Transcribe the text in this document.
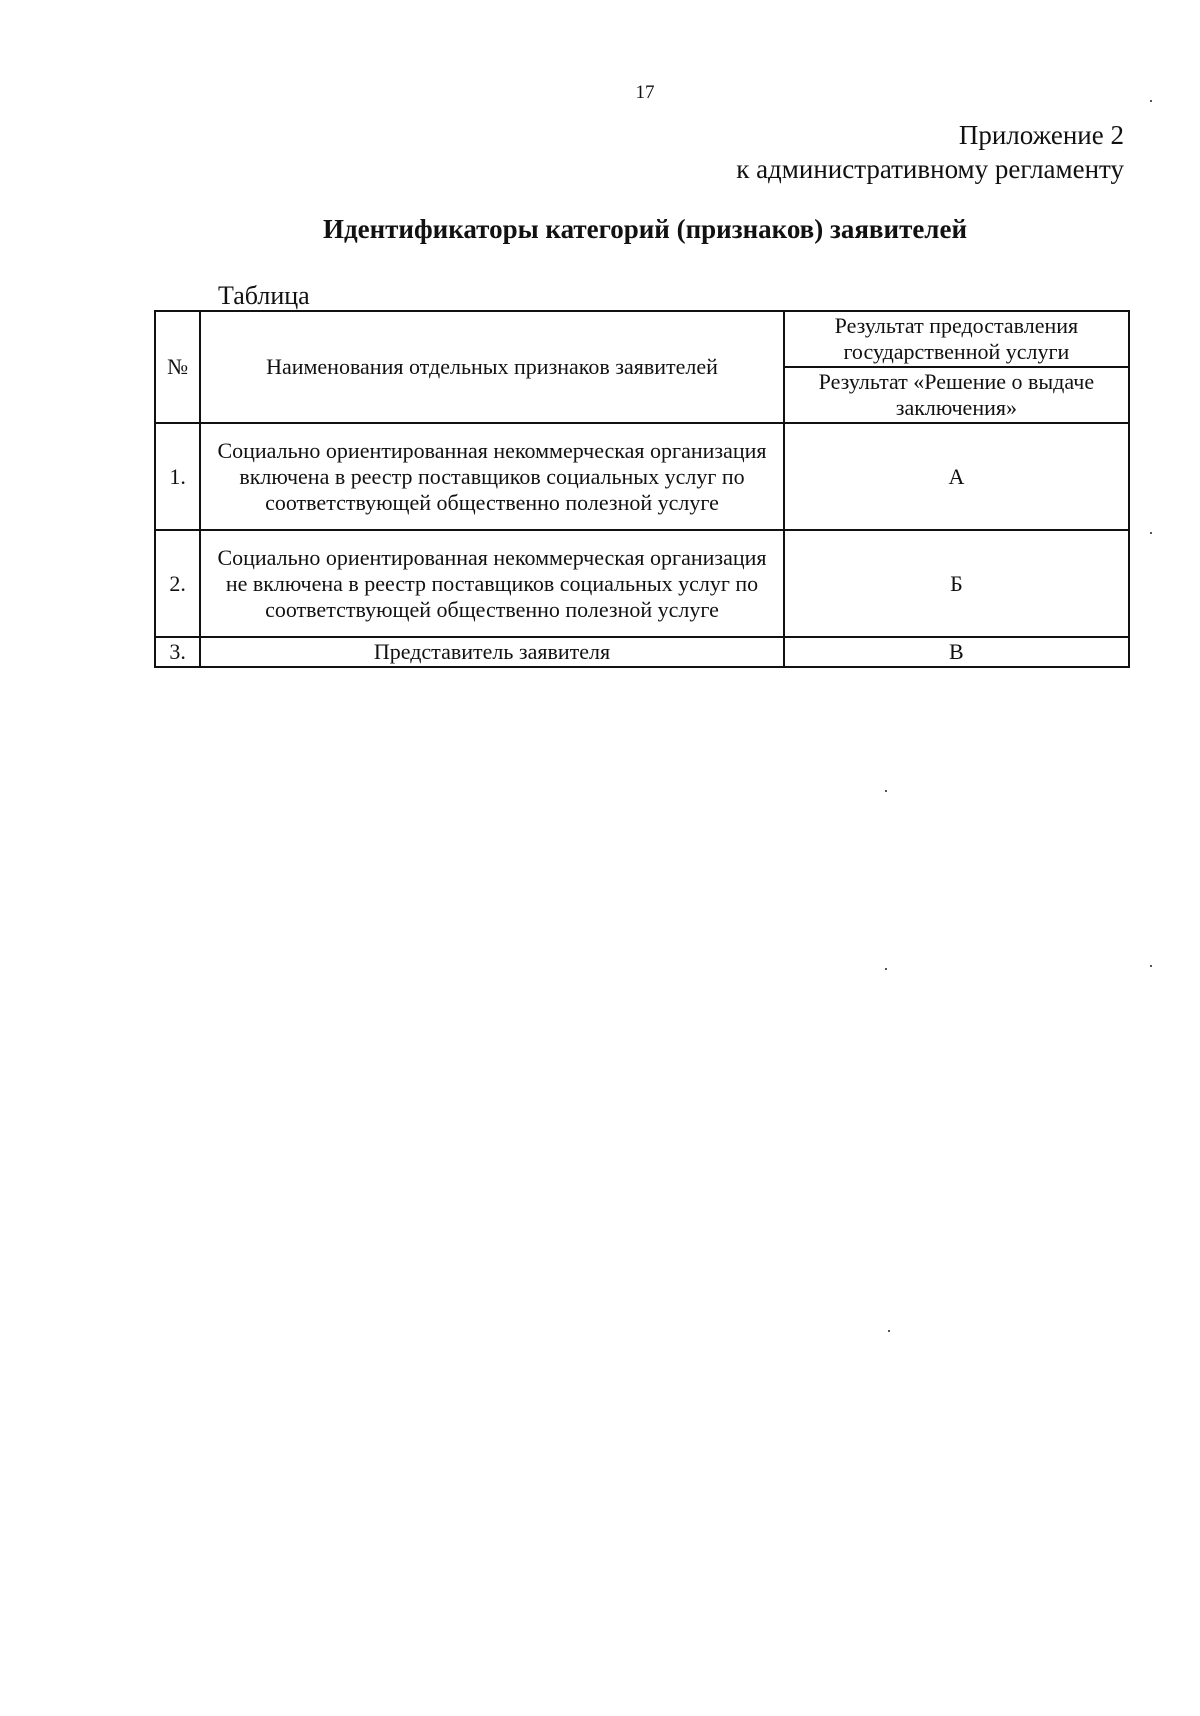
17
Приложение 2
к административному регламенту
Идентификаторы категорий (признаков) заявителей
Таблица
№	Наименования отдельных признаков заявителей	Результат предоставления государственной услуги
		Результат «Решение о выдаче заключения»
1.	Социально ориентированная некоммерческая организация включена в реестр поставщиков социальных услуг по соответствующей общественно полезной услуге	А
2.	Социально ориентированная некоммерческая организация не включена в реестр поставщиков социальных услуг по соответствующей общественно полезной услуге	Б
3.	Представитель заявителя	В
